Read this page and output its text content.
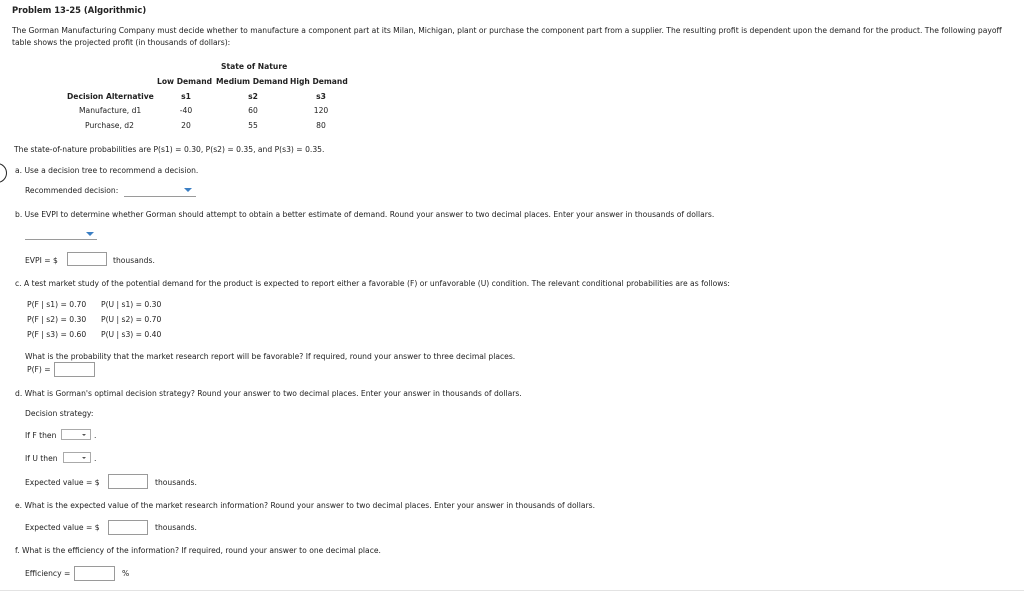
Problem 13-25 (Algorithmic)
The Gorman Manufacturing Company must decide whether to manufacture a component part at its Milan, Michigan, plant or purchase the component part from a supplier. The resulting profit is dependent upon the demand for the product. The following payoff table shows the projected profit (in thousands of dollars):
State of Nature
Low Demand Medium Demand High Demand
Decision Alternative	s1	s2	s3
Manufacture, d1	-40	60	120
Purchase, d2	20	55	80
The state-of-nature probabilities are P(s1) = 0.30, P(s2) = 0.35, and P(s3) = 0.35.
a. Use a decision tree to recommend a decision.
Recommended decision:
b. Use EVPI to determine whether Gorman should attempt to obtain a better estimate of demand. Round your answer to two decimal places. Enter your answer in thousands of dollars.
EVPI = $	thousands.
c. A test market study of the potential demand for the product is expected to report either a favorable (F) or unfavorable (U) condition. The relevant conditional probabilities are as follows:
P(F | s1) = 0.70 P(U | s1) = 0.30
P(F | s2) = 0.30 P(U | s2) = 0.70
P(F | s3) = 0.60 P(U | s3) = 0.40
What is the probability that the market research report will be favorable? If required, round your answer to three decimal places.
P(F) =
d. What is Gorman's optimal decision strategy? Round your answer to two decimal places. Enter your answer in thousands of dollars.
Decision strategy:
If F then	.
If U then	.
Expected value = $	thousands.
e. What is the expected value of the market research information? Round your answer to two decimal places. Enter your answer in thousands of dollars.
Expected value = $	thousands.
f. What is the efficiency of the information? If required, round your answer to one decimal place.
Efficiency =	%
